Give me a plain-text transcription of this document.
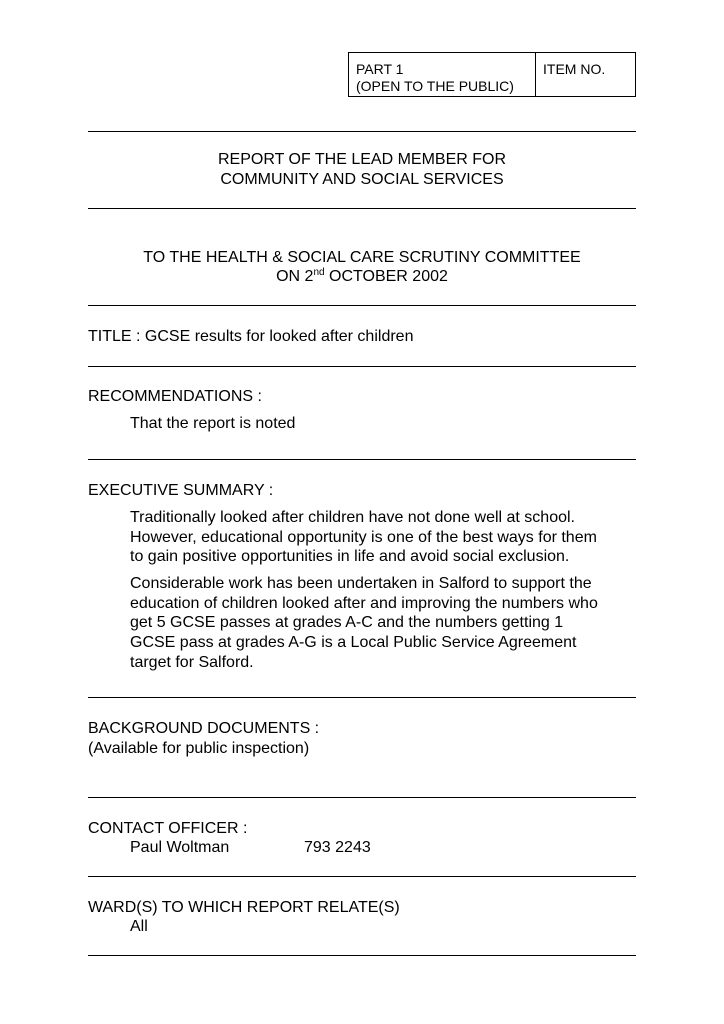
PART 1
(OPEN TO THE PUBLIC)
ITEM NO.
REPORT OF THE LEAD MEMBER FOR
COMMUNITY AND SOCIAL SERVICES
TO THE HEALTH & SOCIAL CARE SCRUTINY COMMITTEE
ON 2nd OCTOBER 2002
TITLE : GCSE results for looked after children
RECOMMENDATIONS :
That the report is noted
EXECUTIVE SUMMARY :
Traditionally looked after children have not done well at school.
However, educational opportunity is one of the best ways for them
to gain positive opportunities in life and avoid social exclusion.
Considerable work has been undertaken in Salford to support the
education of children looked after and improving the numbers who
get 5 GCSE passes at grades A-C and the numbers getting 1
GCSE pass at grades A-G is a Local Public Service Agreement
target for Salford.
BACKGROUND DOCUMENTS :
(Available for public inspection)
CONTACT OFFICER :
Paul Woltman	793 2243
WARD(S) TO WHICH REPORT RELATE(S)
All
